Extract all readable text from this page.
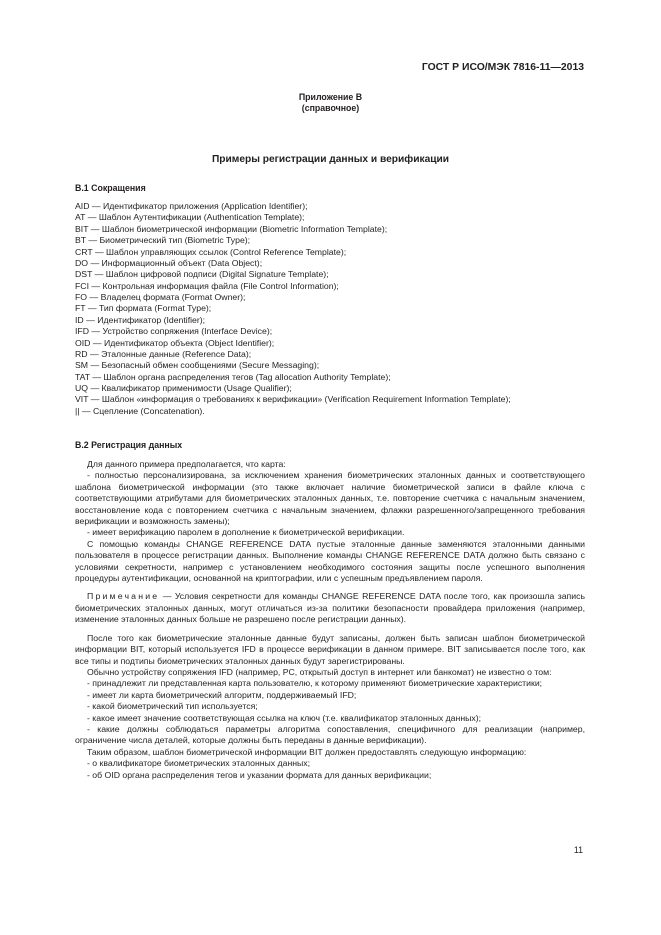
ГОСТ Р ИСО/МЭК 7816-11—2013
Приложение В
(справочное)
Примеры регистрации данных и верификации
В.1 Сокращения
AID — Идентификатор приложения (Application Identifier);
AT — Шаблон Аутентификации (Authentication Template);
BIT — Шаблон биометрической информации (Biometric Information Template);
BT — Биометрический тип (Biometric Type);
CRT — Шаблон управляющих ссылок (Control Reference Template);
DO — Информационный объект (Data Object);
DST — Шаблон цифровой подписи (Digital Signature Template);
FCI — Контрольная информация файла (File Control Information);
FO — Владелец формата (Format Owner);
FT — Тип формата (Format Type);
ID — Идентификатор (Identifier);
IFD — Устройство сопряжения (Interface Device);
OID — Идентификатор объекта (Object Identifier);
RD — Эталонные данные (Reference Data);
SM — Безопасный обмен сообщениями (Secure Messaging);
TAT — Шаблон органа распределения тегов (Tag allocation Authority Template);
UQ — Квалификатор применимости (Usage Qualifier);
VIT — Шаблон «информация о требованиях к верификации» (Verification Requirement Information Template);
|| — Сцепление (Concatenation).
В.2 Регистрация данных

Для данного примера предполагается, что карта:

- полностью персонализирована, за исключением хранения биометрических эталонных данных и соответствующего шаблона биометрической информации (это также включает наличие биометрической записи в файле ключа с соответствующими атрибутами для биометрических эталонных данных, т.е. повторение счетчика с начальным значением, восстановление кода с повторением счетчика с начальным значением, флажки разрешенного/запрещенного требования верификации и возможность замены);

- имеет верификацию паролем в дополнение к биометрической верификации.

С помощью команды CHANGE REFERENCE DATA пустые эталонные данные заменяются эталонными данными пользователя в процессе регистрации данных. Выполнение команды CHANGE REFERENCE DATA должно быть связано с условиями секретности, например с установлением необходимого состояния защиты после успешного выполнения процедуры аутентификации, основанной на криптографии, или с успешным предъявлением пароля.

Примечание — Условия секретности для команды CHANGE REFERENCE DATA после того, как произошла запись биометрических эталонных данных, могут отличаться из-за политики безопасности провайдера приложения (например, изменение эталонных данных больше не разрешено после регистрации данных).

После того как биометрические эталонные данные будут записаны, должен быть записан шаблон биометрической информации BIT, который используется IFD в процессе верификации в данном примере. BIT записывается после того, как все типы и подтипы биометрических эталонных данных будут зарегистрированы.

Обычно устройству сопряжения IFD (например, PC, открытый доступ в интернет или банкомат) не известно о том:

- принадлежит ли представленная карта пользователю, к которому применяют биометрические характеристики;

- имеет ли карта биометрический алгоритм, поддерживаемый IFD;

- какой биометрический тип используется;

- какое имеет значение соответствующая ссылка на ключ (т.е. квалификатор эталонных данных);

- какие должны соблюдаться параметры алгоритма сопоставления, специфичного для реализации (например, ограничение числа деталей, которые должны быть переданы в данные верификации).

Таким образом, шаблон биометрической информации BIT должен предоставлять следующую информацию:

- о квалификаторе биометрических эталонных данных;

- об OID органа распределения тегов и указании формата для данных верификации;

11
